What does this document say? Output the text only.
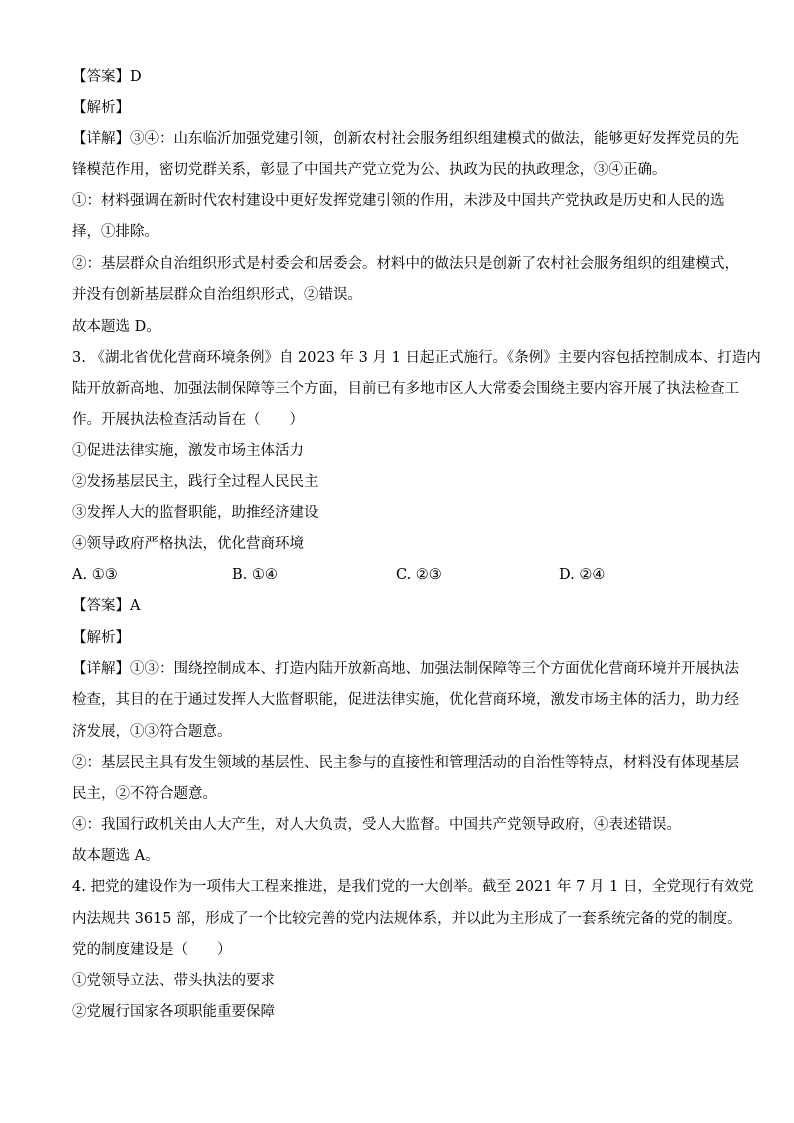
【答案】D
【解析】
【详解】③④：山东临沂加强党建引领，创新农村社会服务组织组建模式的做法，能够更好发挥党员的先
锋模范作用，密切党群关系，彰显了中国共产党立党为公、执政为民的执政理念，③④正确。
①：材料强调在新时代农村建设中更好发挥党建引领的作用，未涉及中国共产党执政是历史和人民的选
择，①排除。
②：基层群众自治组织形式是村委会和居委会。材料中的做法只是创新了农村社会服务组织的组建模式，
并没有创新基层群众自治组织形式，②错误。
故本题选 D。
3. 《湖北省优化营商环境条例》自 2023 年 3 月 1 日起正式施行。《条例》主要内容包括控制成本、打造内
陆开放新高地、加强法制保障等三个方面，目前已有多地市区人大常委会围绕主要内容开展了执法检查工
作。开展执法检查活动旨在（　　）
①促进法律实施，激发市场主体活力
②发扬基层民主，践行全过程人民民主
③发挥人大的监督职能，助推经济建设
④领导政府严格执法，优化营商环境
A. ①③	B. ①④	C. ②③	D. ②④
【答案】A
【解析】
【详解】①③：围绕控制成本、打造内陆开放新高地、加强法制保障等三个方面优化营商环境并开展执法
检查，其目的在于通过发挥人大监督职能，促进法律实施，优化营商环境，激发市场主体的活力，助力经
济发展，①③符合题意。
②：基层民主具有发生领域的基层性、民主参与的直接性和管理活动的自治性等特点，材料没有体现基层
民主，②不符合题意。
④：我国行政机关由人大产生，对人大负责，受人大监督。中国共产党领导政府，④表述错误。
故本题选 A。
4. 把党的建设作为一项伟大工程来推进，是我们党的一大创举。截至 2021 年 7 月 1 日，全党现行有效党
内法规共 3615 部，形成了一个比较完善的党内法规体系，并以此为主形成了一套系统完备的党的制度。
党的制度建设是（　　）
①党领导立法、带头执法的要求
②党履行国家各项职能重要保障
